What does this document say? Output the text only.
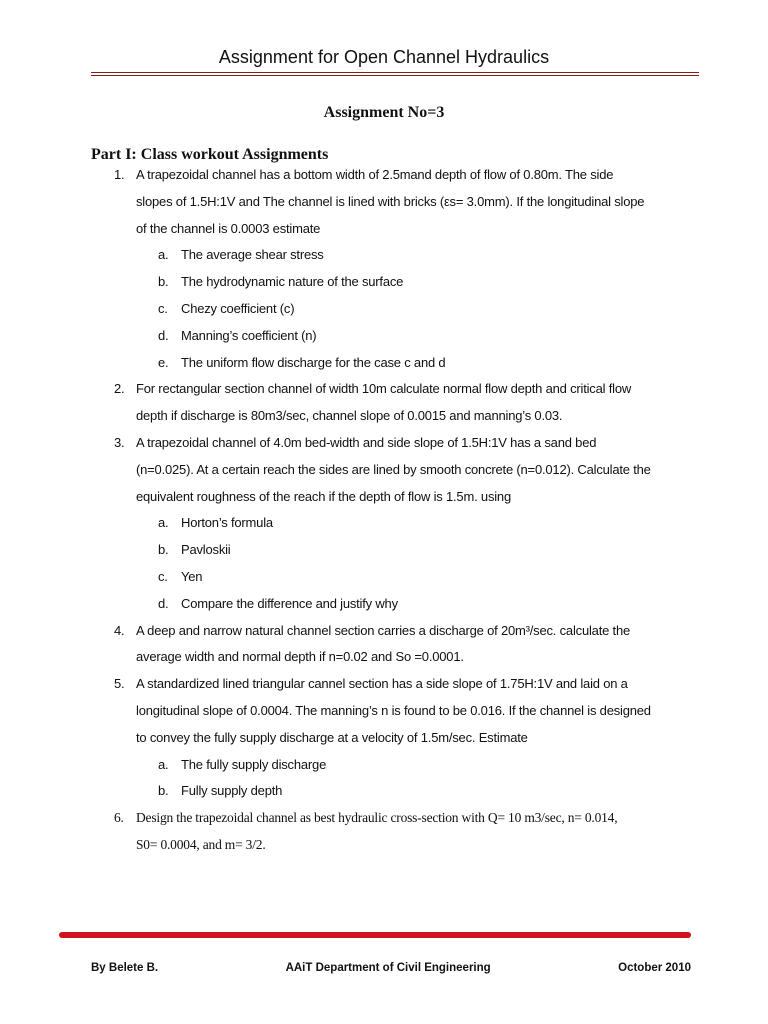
Assignment for Open Channel Hydraulics
Assignment No=3
Part I: Class workout Assignments
1. A trapezoidal channel has a bottom width of 2.5mand depth of flow of 0.80m. The side
slopes of 1.5H:1V and The channel is lined with bricks (εs= 3.0mm). If the longitudinal slope
of the channel is 0.0003 estimate
a. The average shear stress
b. The hydrodynamic nature of the surface
c. Chezy coefficient (c)
d. Manning’s coefficient (n)
e. The uniform flow discharge for the case c and d
2. For rectangular section channel of width 10m calculate normal flow depth and critical flow
depth if discharge is 80m3/sec, channel slope of 0.0015 and manning’s 0.03.
3. A trapezoidal channel of 4.0m bed-width and side slope of 1.5H:1V has a sand bed
(n=0.025). At a certain reach the sides are lined by smooth concrete (n=0.012). Calculate the
equivalent roughness of the reach if the depth of flow is 1.5m. using
a. Horton’s formula
b. Pavloskii
c. Yen
d. Compare the difference and justify why
4. A deep and narrow natural channel section carries a discharge of 20m³/sec. calculate the
average width and normal depth if n=0.02 and So =0.0001.
5. A standardized lined triangular cannel section has a side slope of 1.75H:1V and laid on a
longitudinal slope of 0.0004. The manning’s n is found to be 0.016. If the channel is designed
to convey the fully supply discharge at a velocity of 1.5m/sec. Estimate
a. The fully supply discharge
b. Fully supply depth
6. Design the trapezoidal channel as best hydraulic cross-section with Q= 10 m3/sec, n= 0.014,
S0= 0.0004, and m= 3/2.
By Belete B.	AAiT Department of Civil Engineering	October 2010
